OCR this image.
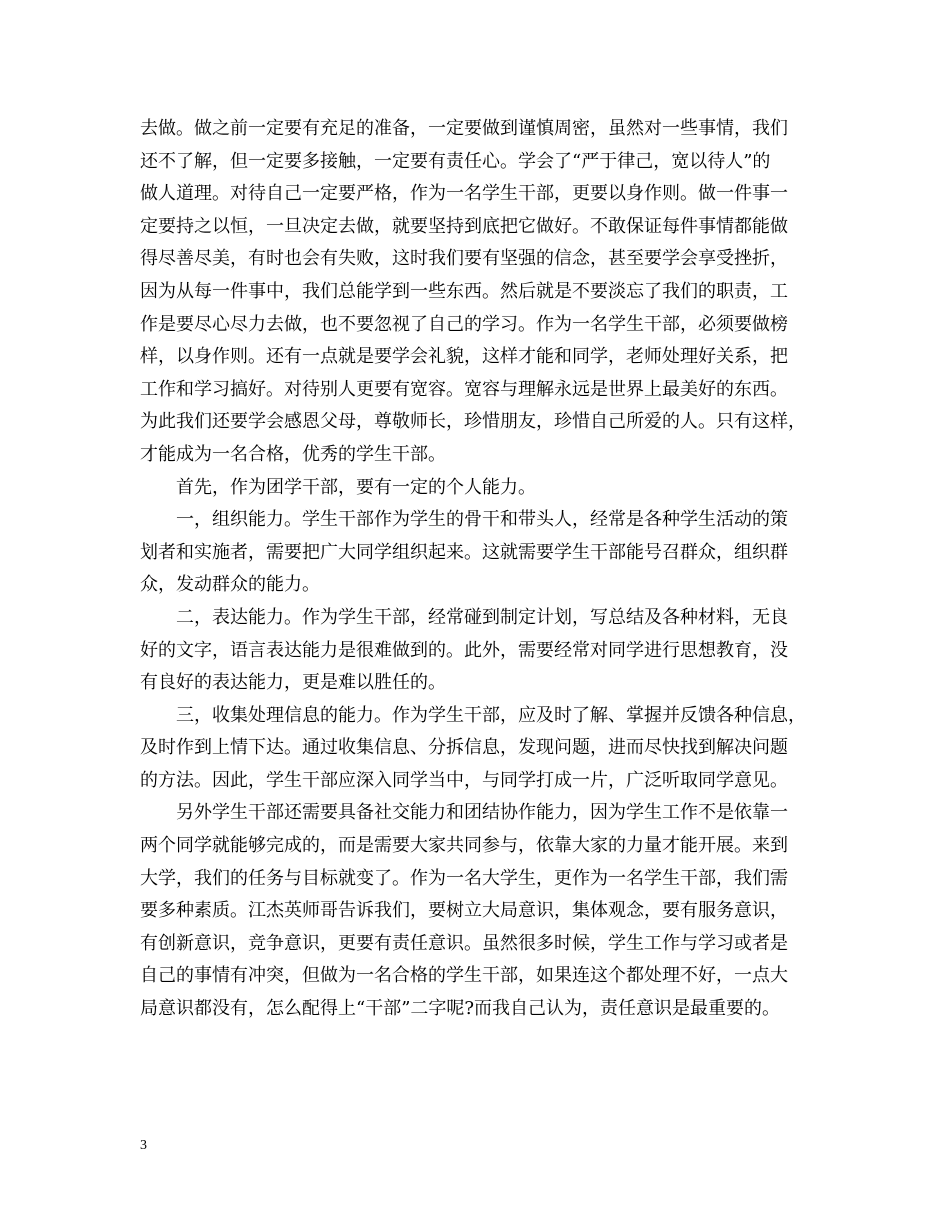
去做。做之前一定要有充足的准备，一定要做到谨慎周密，虽然对一些事情，我们
还不了解，但一定要多接触，一定要有责任心。学会了“严于律己，宽以待人”的
做人道理。对待自己一定要严格，作为一名学生干部，更要以身作则。做一件事一
定要持之以恒，一旦决定去做，就要坚持到底把它做好。不敢保证每件事情都能做
得尽善尽美，有时也会有失败，这时我们要有坚强的信念，甚至要学会享受挫折，
因为从每一件事中，我们总能学到一些东西。然后就是不要淡忘了我们的职责，工
作是要尽心尽力去做，也不要忽视了自己的学习。作为一名学生干部，必须要做榜
样，以身作则。还有一点就是要学会礼貌，这样才能和同学，老师处理好关系，把
工作和学习搞好。对待别人更要有宽容。宽容与理解永远是世界上最美好的东西。
为此我们还要学会感恩父母，尊敬师长，珍惜朋友，珍惜自己所爱的人。只有这样，
才能成为一名合格，优秀的学生干部。
　　首先，作为团学干部，要有一定的个人能力。
　　一，组织能力。学生干部作为学生的骨干和带头人，经常是各种学生活动的策
划者和实施者，需要把广大同学组织起来。这就需要学生干部能号召群众，组织群
众，发动群众的能力。
　　二，表达能力。作为学生干部，经常碰到制定计划，写总结及各种材料，无良
好的文字，语言表达能力是很难做到的。此外，需要经常对同学进行思想教育，没
有良好的表达能力，更是难以胜任的。
　　三，收集处理信息的能力。作为学生干部，应及时了解、掌握并反馈各种信息，
及时作到上情下达。通过收集信息、分拆信息，发现问题，进而尽快找到解决问题
的方法。因此，学生干部应深入同学当中，与同学打成一片，广泛听取同学意见。
　　另外学生干部还需要具备社交能力和团结协作能力，因为学生工作不是依靠一
两个同学就能够完成的，而是需要大家共同参与，依靠大家的力量才能开展。来到
大学，我们的任务与目标就变了。作为一名大学生，更作为一名学生干部，我们需
要多种素质。江杰英师哥告诉我们，要树立大局意识，集体观念，要有服务意识，
有创新意识，竞争意识，更要有责任意识。虽然很多时候，学生工作与学习或者是
自己的事情有冲突，但做为一名合格的学生干部，如果连这个都处理不好，一点大
局意识都没有，怎么配得上“干部”二字呢?而我自己认为，责任意识是最重要的。
3
